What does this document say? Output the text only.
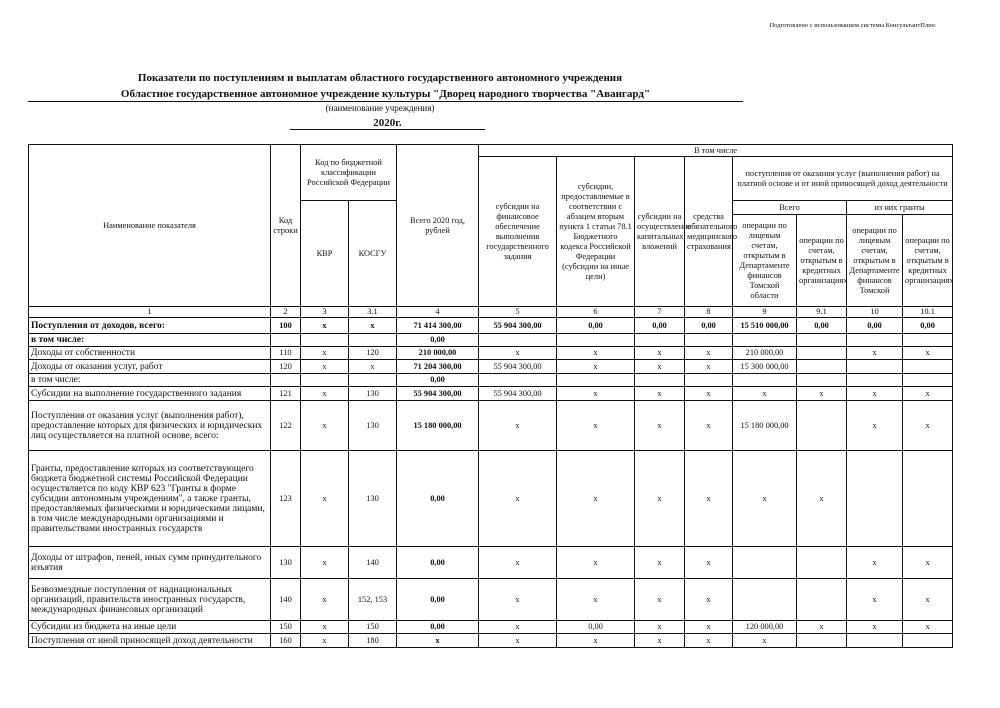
Подготовлено с использованием системы КонсультантПлюс
Показатели по поступлениям и выплатам областного государственного автономного учреждения
Областное государственное автономное учреждение культуры "Дворец народного творчества "Авангард"
(наименование учреждения)
2020г.
Наименование показателя	Код строки	Код по бюджетной классификации Российской Федерации		Всего 2020 год, рублей	В том числе							
					субсидии на финансовое обеспечение выполнения государственного задания	субсидии, предоставляемые в соответствии с абзацем вторым пункта 1 статьи 78.1 Бюджетного кодекса Российской Федерации (субсидии на иные цели)	субсидии на осуществление капитальных вложений	средства обязательного медицинского страхования	поступления от оказания услуг (выполнения работ) на платной основе и от иной приносящей доход деятельности			
		КВР	КОСГУ						Всего		из них гранты	
									операции по лицевым счетам, открытым в Департаменте финансов Томской области	операции по счетам, открытым в кредитных организациях	операции по лицевым счетам, открытым в Департаменте финансов Томской	операции по счетам, открытым в кредитных организациях
1	2	3	3.1	4	5	6	7	8	9	9.1	10	10.1
Поступления от доходов, всего:	100	x	x	71 414 300,00	55 904 300,00	0,00	0,00	0,00	15 510 000,00	0,00	0,00	0,00
в том числе:				0,00								
Доходы от собственности	110	x	120	210 000,00	x	x	x	x	210 000,00		x	x
Доходы от оказания услуг, работ	120	x	x	71 204 300,00	55 904 300,00	x	x	x	15 300 000,00			
в том числе:				0,00								
Субсидии на выполнение государственного задания	121	x	130	55 904 300,00	55 904 300,00	x	x	x	x	x	x	x
Поступления от оказания услуг (выполнения работ), предоставление которых для физических и юридических лиц осуществляется на платной основе, всего:	122	x	130	15 180 000,00	x	x	x	x	15 180 000,00		x	x
Гранты, предоставление которых из соответствующего бюджета бюджетной системы Российской Федерации осуществляется по коду КВР 623 "Гранты в форме субсидии автономным учреждениям", а также гранты, предоставляемых физическими и юридическими лицами, в том числе международными организациями и правительствами иностранных государств	123	x	130	0,00	x	x	x	x	x	x		
Доходы от штрафов, пеней, иных сумм принудительного изъятия	130	x	140	0,00	x	x	x	x			x	x
Безвозмездные поступления от наднациональных организаций, правительств иностранных государств, международных финансовых организаций	140	x	152, 153	0,00	x	x	x	x			x	x
Субсидии из бюджета на иные цели	150	x	150	0,00	x	0,00	x	x	120 000,00	x	x	x
Поступления от иной приносящей доход деятельности	160	x	180	x	x	x	x	x	x			
